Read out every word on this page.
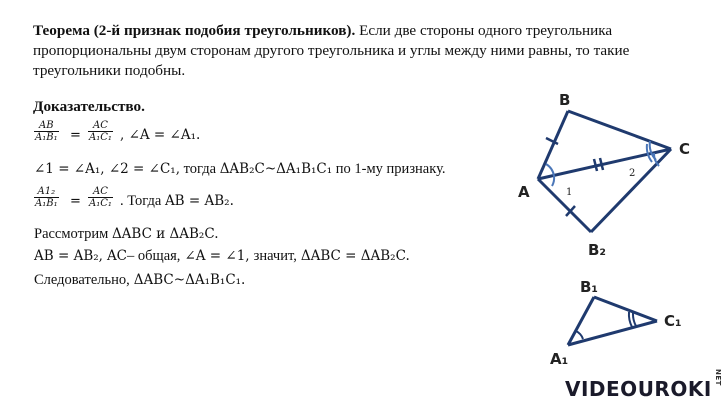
Теорема (2-й признак подобия треугольников). Если две стороны одного треугольника пропорциональны двум сторонам другого треугольника и углы между ними равны, то такие треугольники подобны.
Доказательство.
$\frac{AB}{\text{A₁B₁}} = \frac{AC}{\text{A₁C₁}}$ , ∠A = ∠A₁.
∠1 = ∠A₁, ∠2 = ∠C₁, тогда ΔAB₂C~ΔA₁B₁C₁ по 1-му признаку.
$\frac{\text{A1₂}}{\text{A₁B₁}} = \frac{AC}{\text{A₁C₁}}$ . Тогда AB = AB₂.
Рассмотрим ΔABC и ΔAB₂C.
AB = AB₂, AC– общая, ∠A = ∠1, значит, ΔABC = ΔAB₂C.
Следовательно, ΔABC~ΔA₁B₁C₁.
B
C
A
B₂
1
2
B₁
C₁
A₁
VIDEOUROKI NET
